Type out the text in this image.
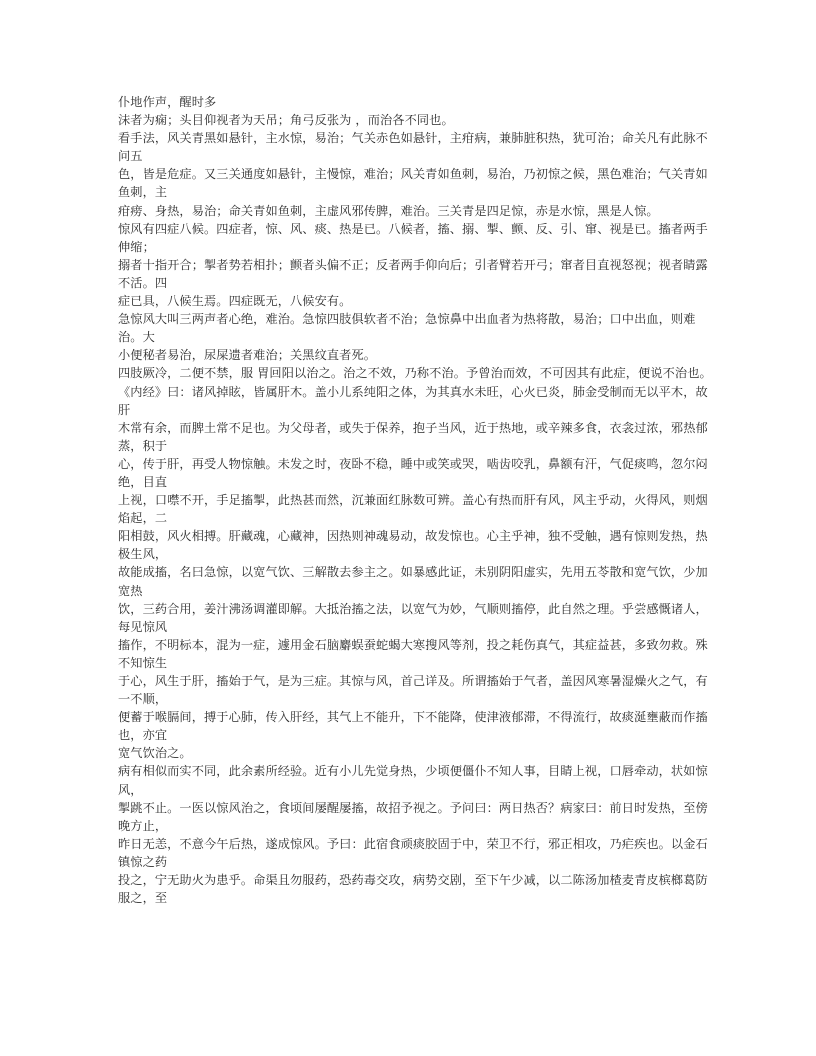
仆地作声，醒时多
沫者为痫；头目仰视者为天吊；角弓反张为 ，而治各不同也。
看手法，风关青黑如悬针，主水惊，易治；气关赤色如悬针，主疳病，兼肺脏积热，犹可治；命关凡有此脉不问五
色，皆是危症。又三关通度如悬针，主慢惊，难治；风关青如鱼刺，易治，乃初惊之候，黑色难治；气关青如鱼刺，主
疳痨、身热，易治；命关青如鱼刺，主虚风邪传脾，难治。三关青是四足惊，赤是水惊，黑是人惊。
惊风有四症八候。四症者，惊、风、痰、热是已。八候者，搐、搦、掣、颤、反、引、窜、视是已。搐者两手伸缩；
搦者十指开合；掣者势若相扑；颤者头偏不正；反者两手仰向后；引者臂若开弓；窜者目直视怒视；视者睛露不活。四
症已具，八候生焉。四症既无，八候安有。
急惊风大叫三两声者心绝，难治。急惊四肢俱软者不治；急惊鼻中出血者为热将散，易治；口中出血，则难治。大
小便秘者易治，尿屎遗者难治；关黑纹直者死。
四肢厥冷，二便不禁，服 胃回阳以治之。治之不效，乃称不治。予曾治而效，不可因其有此症，便说不治也。
《内经》曰：诸风掉眩，皆属肝木。盖小儿系纯阳之体，为其真水未旺，心火已炎，肺金受制而无以平木，故肝
木常有余，而脾土常不足也。为父母者，或失于保养，抱子当风，近于热地，或辛辣多食，衣衾过浓，邪热郁蒸，积于
心，传于肝，再受人物惊触。未发之时，夜卧不稳，睡中或笑或哭，啮齿咬乳，鼻额有汗，气促痰鸣，忽尔闷绝，目直
上视，口噤不开，手足搐掣，此热甚而然，沉兼面红脉数可辨。盖心有热而肝有风，风主乎动，火得风，则烟焰起，二
阳相鼓，风火相搏。肝藏魂，心藏神，因热则神魂易动，故发惊也。心主乎神，独不受触，遇有惊则发热，热极生风，
故能成搐，名曰急惊，以宽气饮、三解散去参主之。如暴感此证，未别阴阳虚实，先用五苓散和宽气饮，少加宽热
饮，三药合用，姜汁沸汤调灌即解。大抵治搐之法，以宽气为妙，气顺则搐停，此自然之理。乎尝感慨诸人，每见惊风
搐作，不明标本，混为一症，遽用金石脑麝蜈蚕蛇蝎大寒搜风等剂，投之耗伤真气，其症益甚，多致勿救。殊不知惊生
于心，风生于肝，搐始于气，是为三症。其惊与风，首己详及。所谓搐始于气者，盖因风寒暑湿燥火之气，有一不顺，
便蓄于喉膈间，搏于心肺，传入肝经，其气上不能升，下不能降，使津液郁滞，不得流行，故痰涎壅蔽而作搐也，亦宜
宽气饮治之。
病有相似而实不同，此余素所经验。近有小儿先觉身热，少顷便僵仆不知人事，目睛上视，口唇牵动，状如惊风，
掣跳不止。一医以惊风治之，食顷间屡醒屡搐，故招予视之。予问曰：两日热否？病家曰：前日时发热，至傍晚方止，
昨日无恙，不意今午后热，遂成惊风。予曰：此宿食顽痰胶固于中，荣卫不行，邪正相攻，乃疟疾也。以金石镇惊之药
投之，宁无助火为患乎。命渠且勿服药，恐药毒交攻，病势交剧，至下午少减，以二陈汤加楂麦青皮槟榔葛防服之，至
